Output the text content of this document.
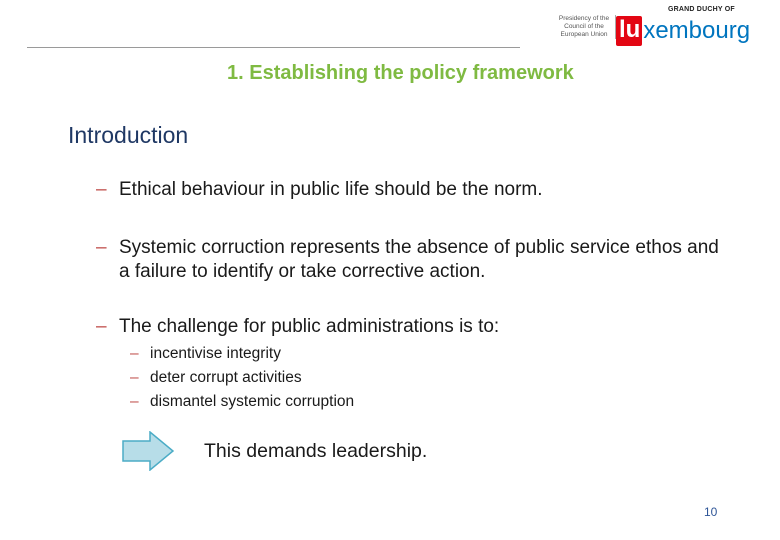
Presidency of the Council of the European Union
GRAND DUCHY OF
lu xembourg
1. Establishing the policy framework
Introduction
– Ethical behaviour in public life should be the norm.
– Systemic corruction represents the absence of public service ethos and a failure to identify or take corrective action.
– The challenge for public administrations is to:
– incentivise integrity
– deter corrupt activities
– dismantel systemic corruption
This demands leadership.
10
